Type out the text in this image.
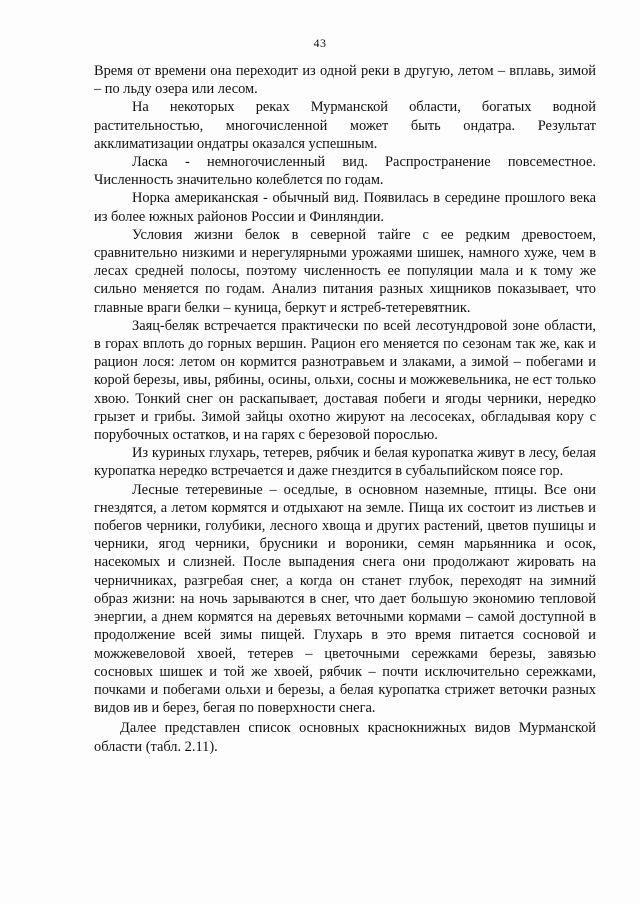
43

Время от времени она переходит из одной реки в другую, летом – вплавь, зимой – по льду озера или лесом.

На некоторых реках Мурманской области, богатых водной растительностью, многочисленной может быть ондатра. Результат акклиматизации ондатры оказался успешным.

Ласка - немногочисленный вид. Распространение повсеместное. Численность значительно колеблется по годам.

Норка американская - обычный вид. Появилась в середине прошлого века из более южных районов России и Финляндии.

Условия жизни белок в северной тайге с ее редким древостоем, сравнительно низкими и нерегулярными урожаями шишек, намного хуже, чем в лесах средней полосы, поэтому численность ее популяции мала и к тому же сильно меняется по годам. Анализ питания разных хищников показывает, что главные враги белки – куница, беркут и ястреб-тетеревятник.

Заяц-беляк встречается практически по всей лесотундровой зоне области, в горах вплоть до горных вершин. Рацион его меняется по сезонам так же, как и рацион лося: летом он кормится разнотравьем и злаками, а зимой – побегами и корой березы, ивы, рябины, осины, ольхи, сосны и можжевельника, не ест только хвою. Тонкий снег он раскапывает, доставая побеги и ягоды черники, нередко грызет и грибы. Зимой зайцы охотно жируют на лесосеках, обгладывая кору с порубочных остатков, и на гарях с березовой порослью.

Из куриных глухарь, тетерев, рябчик и белая куропатка живут в лесу, белая куропатка нередко встречается и даже гнездится в субальпийском поясе гор.

Лесные тетеревиные – оседлые, в основном наземные, птицы. Все они гнездятся, а летом кормятся и отдыхают на земле. Пища их состоит из листьев и побегов черники, голубики, лесного хвоща и других растений, цветов пушицы и черники, ягод черники, брусники и вороники, семян марьянника и осок, насекомых и слизней. После выпадения снега они продолжают жировать на черничниках, разгребая снег, а когда он станет глубок, переходят на зимний образ жизни: на ночь зарываются в снег, что дает большую экономию тепловой энергии, а днем кормятся на деревьях веточными кормами – самой доступной в продолжение всей зимы пищей. Глухарь в это время питается сосновой и можжевеловой хвоей, тетерев – цветочными сережками березы, завязью сосновых шишек и той же хвоей, рябчик – почти исключительно сережками, почками и побегами ольхи и березы, а белая куропатка стрижет веточки разных видов ив и берез, бегая по поверхности снега.

Далее представлен список основных краснокнижных видов Мурманской области (табл. 2.11).
